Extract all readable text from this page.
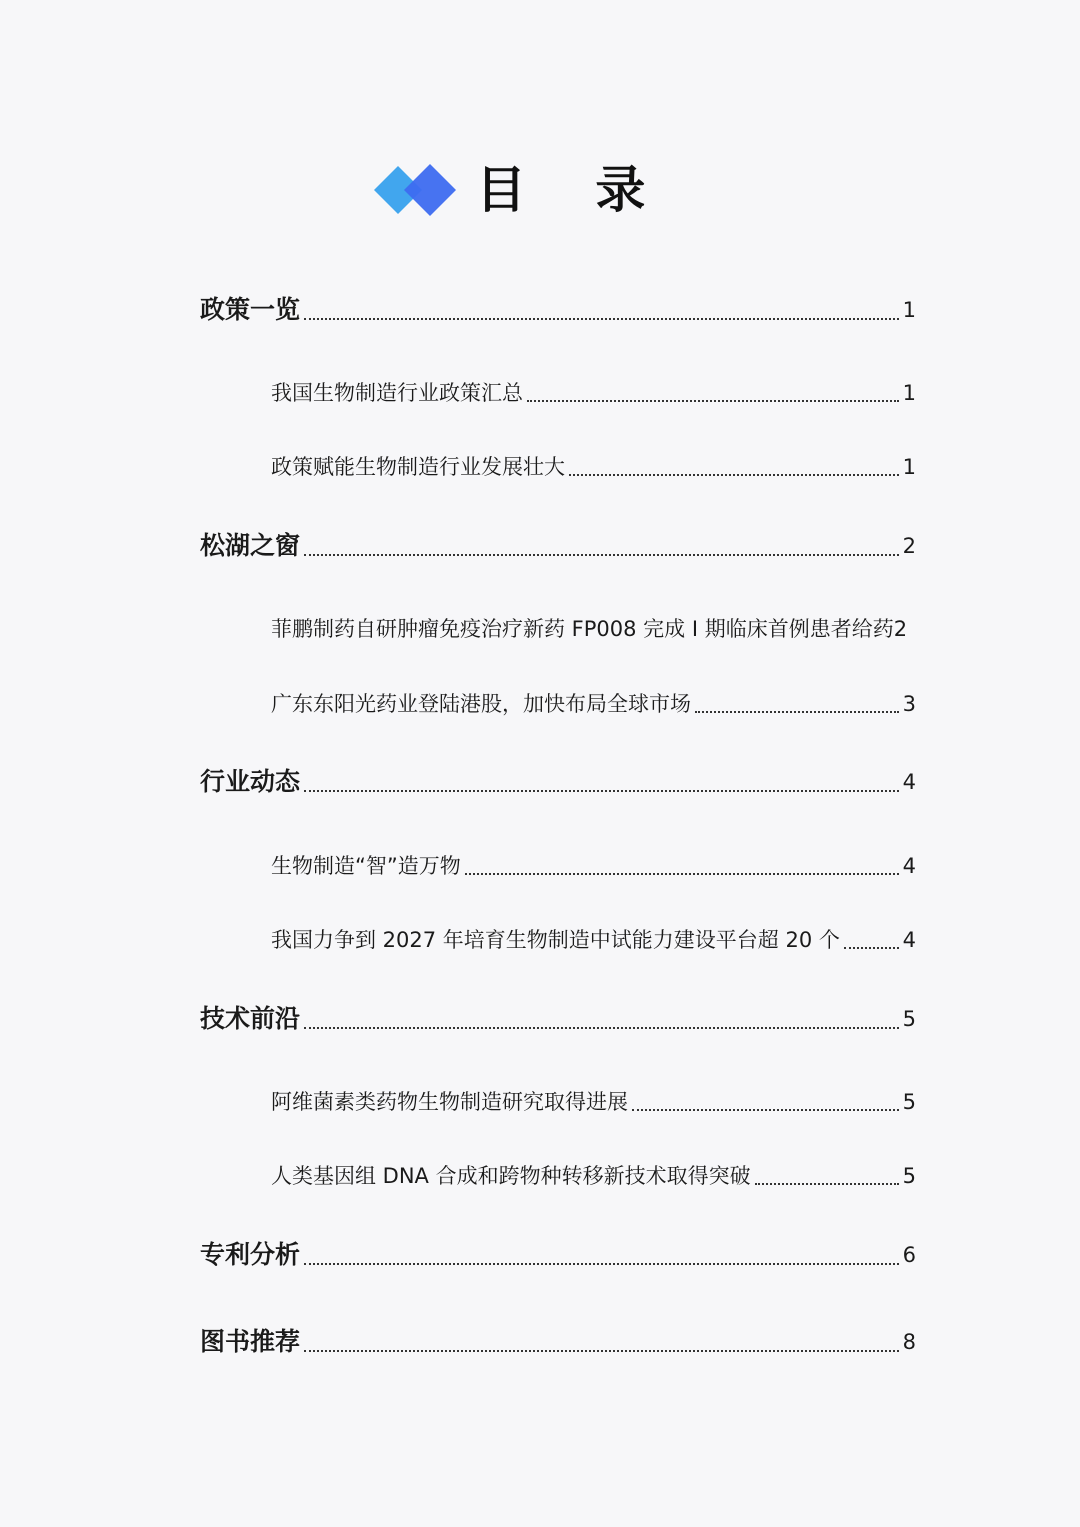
目 录
政策一览	1
我国生物制造行业政策汇总	1
政策赋能生物制造行业发展壮大	1
松湖之窗	2
菲鹏制药自研肿瘤免疫治疗新药 FP008 完成 I 期临床首例患者给药 2
广东东阳光药业登陆港股，加快布局全球市场	3
行业动态	4
生物制造“智”造万物	4
我国力争到 2027 年培育生物制造中试能力建设平台超 20 个	4
技术前沿	5
阿维菌素类药物生物制造研究取得进展	5
人类基因组 DNA 合成和跨物种转移新技术取得突破	5
专利分析	6
图书推荐	8
